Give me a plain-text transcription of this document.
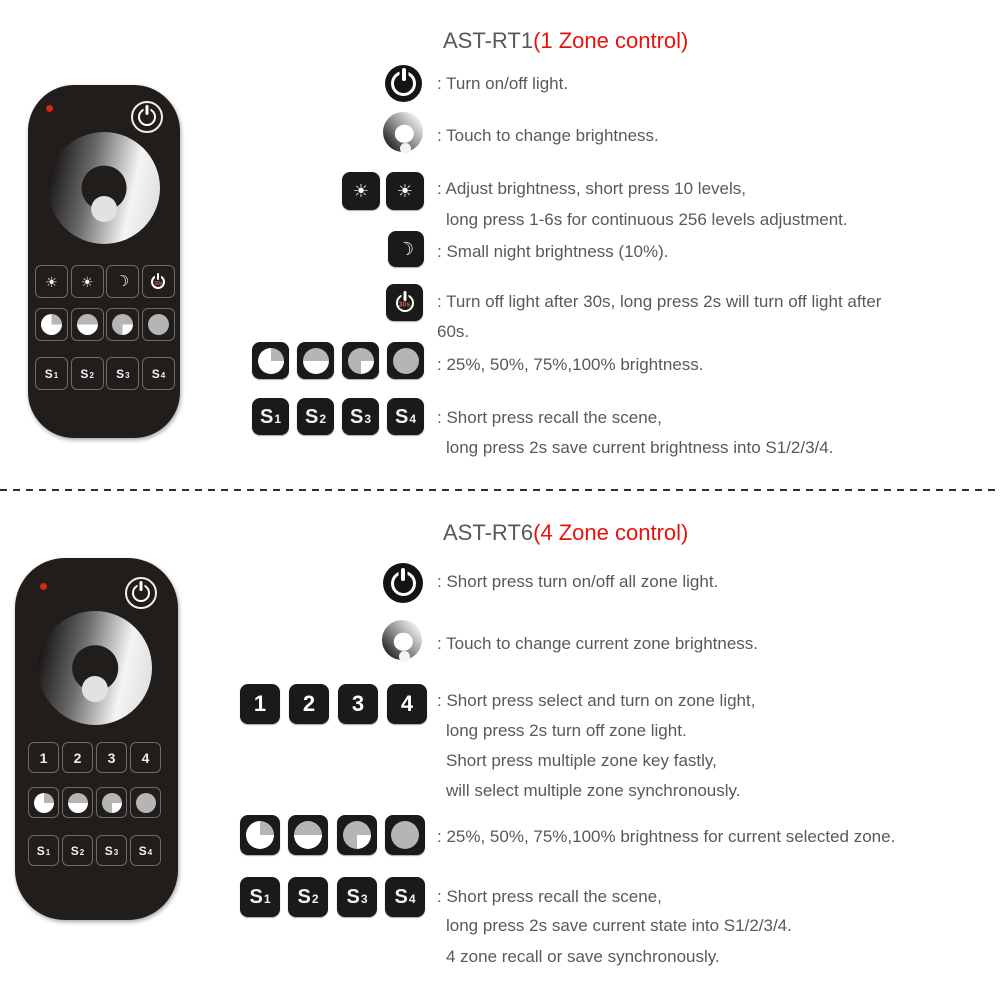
AST-RT1(1 Zone control)
☀ ☀ ☽	30s
S 1 S 2 S 3 S 4
: Turn on/off light.
: Touch to change brightness.
☀ ☀ : Adjust brightness, short press 10 levels,
long press 1-6s for continuous 256 levels adjustment.
☽ : Small night brightness (10%).
30s : Turn off light after 30s, long press 2s will turn off light after
60s.
: 25%, 50%, 75%,100% brightness.
S 1 S 2 S 3 S 4 : Short press recall the scene,
long press 2s save current brightness into S1/2/3/4.
AST-RT6(4 Zone control)
1 2 3 4
S 1 S 2 S 3 S 4
: Short press turn on/off all zone light.
: Touch to change current zone brightness.
1 2 3 4 : Short press select and turn on zone light,
long press 2s turn off zone light.
Short press multiple zone key fastly,
will select multiple zone synchronously.
: 25%, 50%, 75%,100% brightness for current selected zone.
S 1 S 2 S 3 S 4 : Short press recall the scene,
long press 2s save current state into S1/2/3/4.
4 zone recall or save synchronously.
